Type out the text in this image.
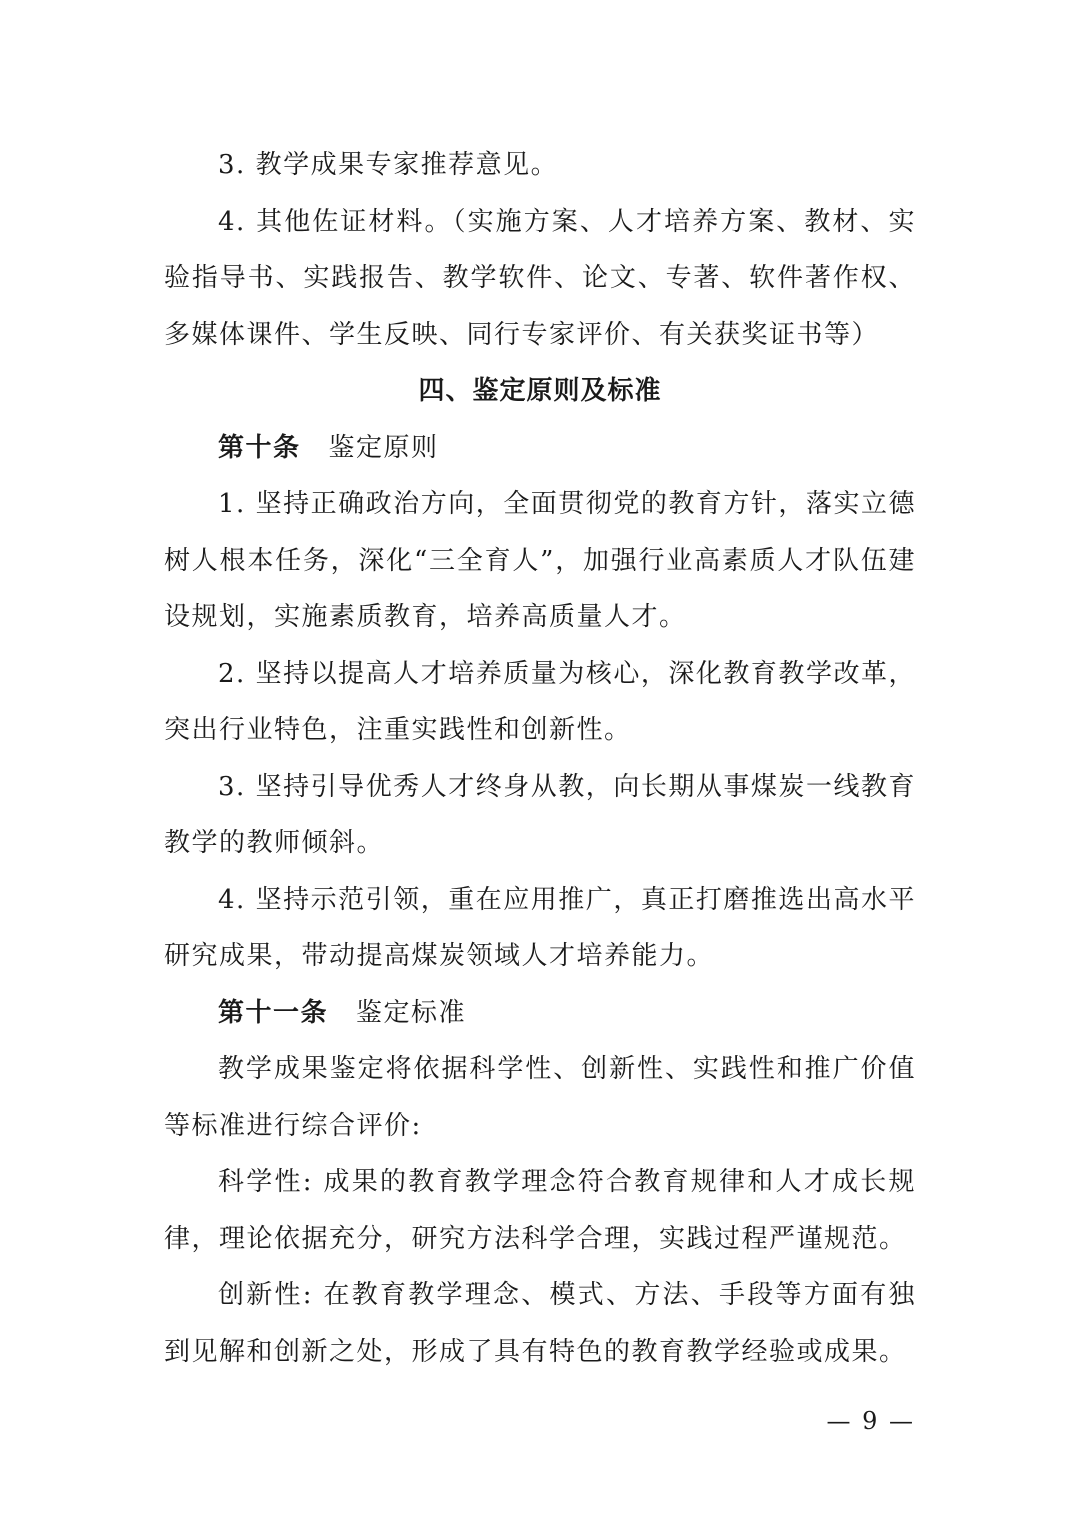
3. 教学成果专家推荐意见。

4. 其他佐证材料。（实施方案、人才培养方案、教材、实验指导书、实践报告、教学软件、论文、专著、软件著作权、多媒体课件、学生反映、同行专家评价、有关获奖证书等）

四、鉴定原则及标准

第十条 鉴定原则

1. 坚持正确政治方向，全面贯彻党的教育方针，落实立德树人根本任务，深化“三全育人”，加强行业高素质人才队伍建设规划，实施素质教育，培养高质量人才。

2. 坚持以提高人才培养质量为核心，深化教育教学改革，突出行业特色，注重实践性和创新性。

3. 坚持引导优秀人才终身从教，向长期从事煤炭一线教育教学的教师倾斜。

4. 坚持示范引领，重在应用推广，真正打磨推选出高水平研究成果，带动提高煤炭领域人才培养能力。

第十一条 鉴定标准

教学成果鉴定将依据科学性、创新性、实践性和推广价值等标准进行综合评价:

科学性: 成果的教育教学理念符合教育规律和人才成长规律，理论依据充分，研究方法科学合理，实践过程严谨规范。

创新性: 在教育教学理念、模式、方法、手段等方面有独到见解和创新之处，形成了具有特色的教育教学经验或成果。

— 9 —
